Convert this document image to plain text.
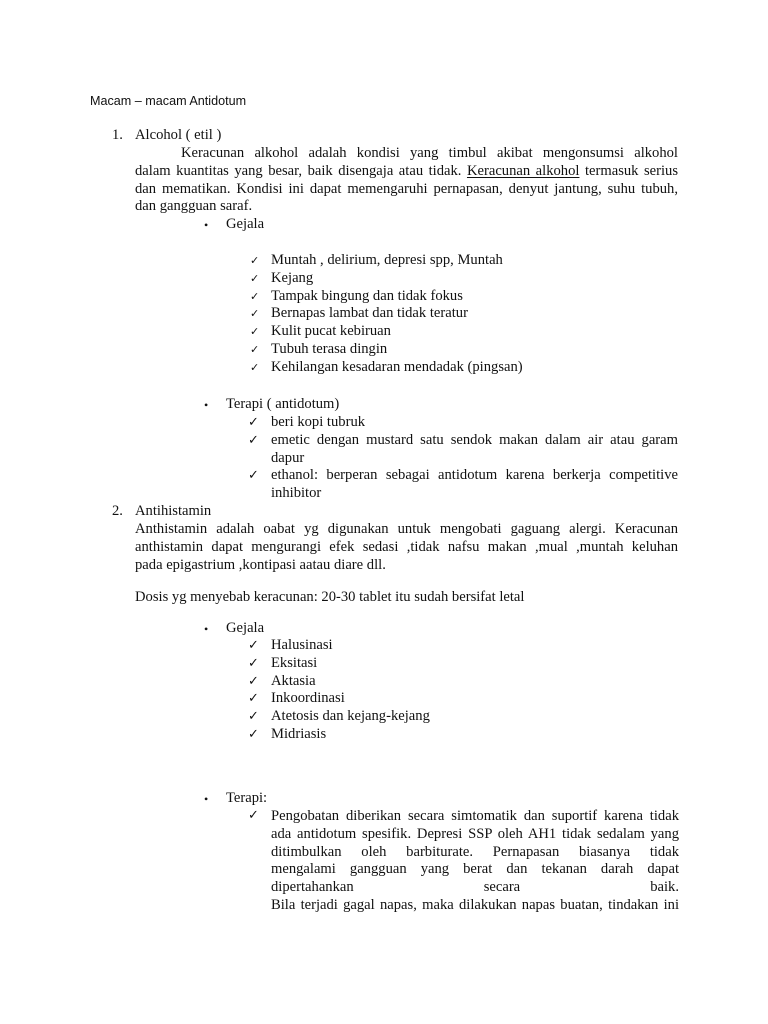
Macam – macam Antidotum
1. Alcohol ( etil )
Keracunan alkohol adalah kondisi yang timbul akibat mengonsumsi alkohol
dalam kuantitas yang besar, baik disengaja atau tidak. Keracunan alkohol termasuk serius
dan mematikan. Kondisi ini dapat memengaruhi pernapasan, denyut jantung, suhu tubuh,
dan gangguan saraf.
• Gejala
✓ Muntah , delirium, depresi spp, Muntah
✓ Kejang
✓ Tampak bingung dan tidak fokus
✓ Bernapas lambat dan tidak teratur
✓ Kulit pucat kebiruan
✓ Tubuh terasa dingin
✓ Kehilangan kesadaran mendadak (pingsan)
• Terapi ( antidotum)
✓ beri kopi tubruk
✓ emetic dengan mustard satu sendok makan dalam air atau garam
dapur
✓ ethanol: berperan sebagai antidotum karena berkerja competitive
inhibitor
2. Antihistamin
Anthistamin adalah oabat yg digunakan untuk mengobati gaguang alergi. Keracunan
anthistamin dapat mengurangi efek sedasi ,tidak nafsu makan ,mual ,muntah keluhan
pada epigastrium ,kontipasi aatau diare dll.
Dosis yg menyebab keracunan: 20-30 tablet itu sudah bersifat letal
• Gejala
✓ Halusinasi
✓ Eksitasi
✓ Aktasia
✓ Inkoordinasi
✓ Atetosis dan kejang-kejang
✓ Midriasis
• Terapi:
✓ Pengobatan diberikan secara simtomatik dan suportif karena tidak
ada antidotum spesifik. Depresi SSP oleh AH1 tidak sedalam yang
ditimbulkan oleh barbiturate. Pernapasan biasanya tidak
mengalami gangguan yang berat dan tekanan darah dapat
dipertahankan secara baik.
Bila terjadi gagal napas, maka dilakukan napas buatan, tindakan ini
